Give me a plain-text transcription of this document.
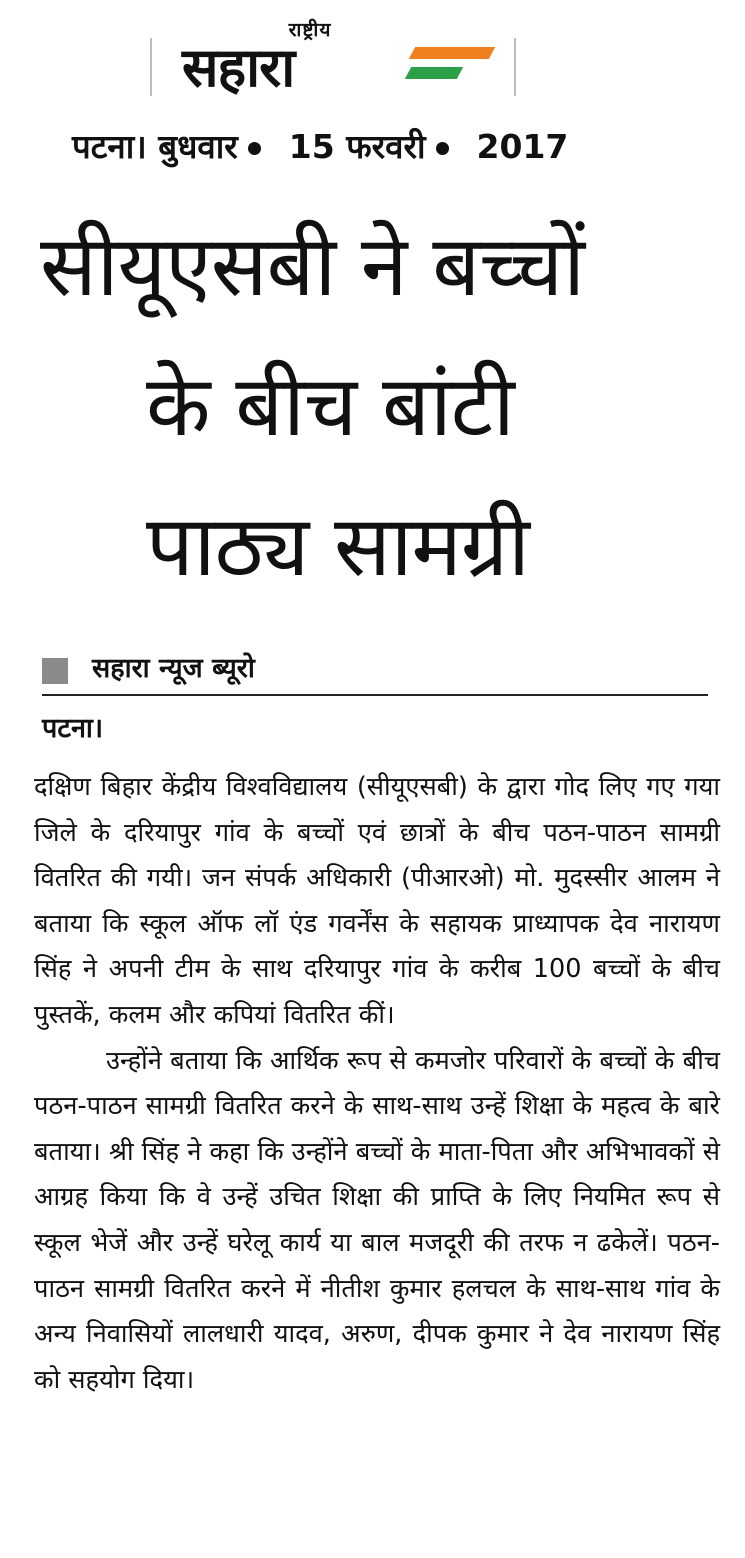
राष्ट्रीय
सहारा
पटना। बुधवार 15 फरवरी 2017
सीयूएसबी ने बच्चों
के बीच बांटी
पाठ्य सामग्री
सहारा न्यूज ब्यूरो
पटना।

दक्षिण बिहार केंद्रीय विश्वविद्यालय (सीयूएसबी) के द्वारा गोद लिए गए गया जिले के दरियापुर गांव के बच्चों एवं छात्रों के बीच पठन-पाठन सामग्री वितरित की गयी। जन संपर्क अधिकारी (पीआरओ) मो. मुदस्सीर आलम ने बताया कि स्कूल ऑफ लॉ एंड गवर्नेंस के सहायक प्राध्यापक देव नारायण सिंह ने अपनी टीम के साथ दरियापुर गांव के करीब 100 बच्चों के बीच पुस्तकें, कलम और कपियां वितरित कीं।

उन्होंने बताया कि आर्थिक रूप से कमजोर परिवारों के बच्चों के बीच पठन-पाठन सामग्री वितरित करने के साथ-साथ उन्हें शिक्षा के महत्व के बारे बताया। श्री सिंह ने कहा कि उन्होंने बच्चों के माता-पिता और अभिभावकों से आग्रह किया कि वे उन्हें उचित शिक्षा की प्राप्ति के लिए नियमित रूप से स्कूल भेजें और उन्हें घरेलू कार्य या बाल मजदूरी की तरफ न ढकेलें। पठन-पाठन सामग्री वितरित करने में नीतीश कुमार हलचल के साथ-साथ गांव के अन्य निवासियों लालधारी यादव, अरुण, दीपक कुमार ने देव नारायण सिंह को सहयोग दिया।
